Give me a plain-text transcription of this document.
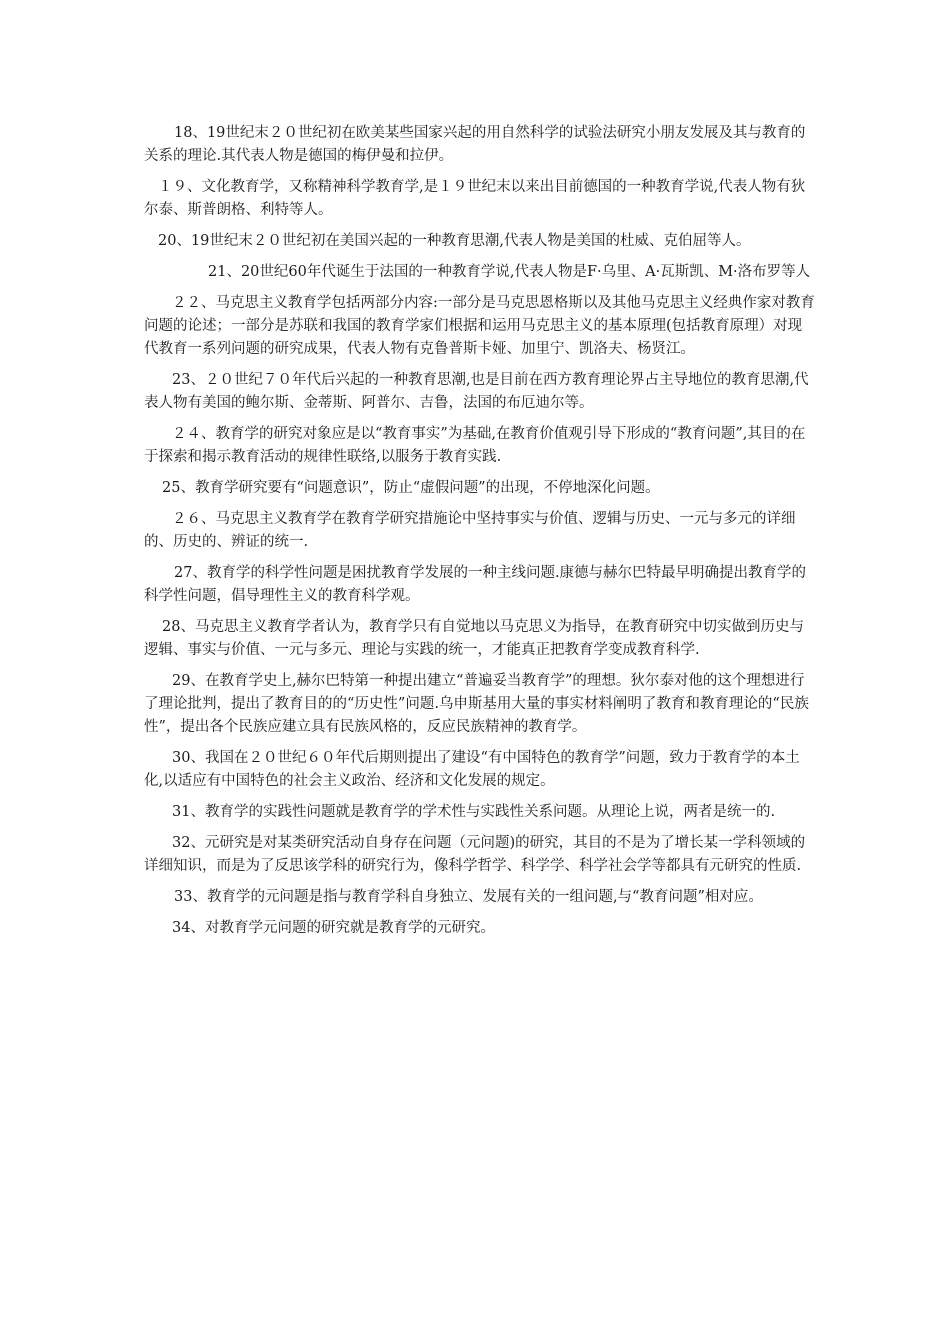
18、19世纪末２０世纪初在欧美某些国家兴起的用自然科学的试验法研究小朋友发展及其与教育的关系的理论.其代表人物是德国的梅伊曼和拉伊。

１９、文化教育学，又称精神科学教育学,是１９世纪末以来出目前德国的一种教育学说,代表人物有狄尔泰、斯普朗格、利特等人。

20、19世纪末２０世纪初在美国兴起的一种教育思潮,代表人物是美国的杜威、克伯屈等人。

21、20世纪60年代诞生于法国的一种教育学说,代表人物是F·乌里、A·瓦斯凯、M·洛布罗等人

２２、马克思主义教育学包括两部分内容:一部分是马克思恩格斯以及其他马克思主义经典作家对教育问题的论述；一部分是苏联和我国的教育学家们根据和运用马克思主义的基本原理(包括教育原理）对现代教育一系列问题的研究成果，代表人物有克鲁普斯卡娅、加里宁、凯洛夫、杨贤江。

23、２０世纪７０年代后兴起的一种教育思潮,也是目前在西方教育理论界占主导地位的教育思潮,代表人物有美国的鲍尔斯、金蒂斯、阿普尔、吉鲁，法国的布厄迪尔等。

２４、教育学的研究对象应是以“教育事实”为基础,在教育价值观引导下形成的“教育问题”,其目的在于探索和揭示教育活动的规律性联络,以服务于教育实践.

25、教育学研究要有“问题意识”，防止“虚假问题”的出现，不停地深化问题。

２６、马克思主义教育学在教育学研究措施论中坚持事实与价值、逻辑与历史、一元与多元的详细的、历史的、辨证的统一.

27、教育学的科学性问题是困扰教育学发展的一种主线问题.康德与赫尔巴特最早明确提出教育学的科学性问题，倡导理性主义的教育科学观。

28、马克思主义教育学者认为，教育学只有自觉地以马克思义为指导，在教育研究中切实做到历史与逻辑、事实与价值、一元与多元、理论与实践的统一，才能真正把教育学变成教育科学.

29、在教育学史上,赫尔巴特第一种提出建立“普遍妥当教育学”的理想。狄尔泰对他的这个理想进行了理论批判，提出了教育目的的“历史性”问题.乌申斯基用大量的事实材料阐明了教育和教育理论的“民族性”，提出各个民族应建立具有民族风格的，反应民族精神的教育学。

30、我国在２０世纪６０年代后期则提出了建设“有中国特色的教育学”问题，致力于教育学的本土化,以适应有中国特色的社会主义政治、经济和文化发展的规定。

31、教育学的实践性问题就是教育学的学术性与实践性关系问题。从理论上说，两者是统一的.

32、元研究是对某类研究活动自身存在问题（元问题)的研究，其目的不是为了增长某一学科领域的详细知识，而是为了反思该学科的研究行为，像科学哲学、科学学、科学社会学等都具有元研究的性质.

33、教育学的元问题是指与教育学科自身独立、发展有关的一组问题,与“教育问题”相对应。

34、对教育学元问题的研究就是教育学的元研究。
